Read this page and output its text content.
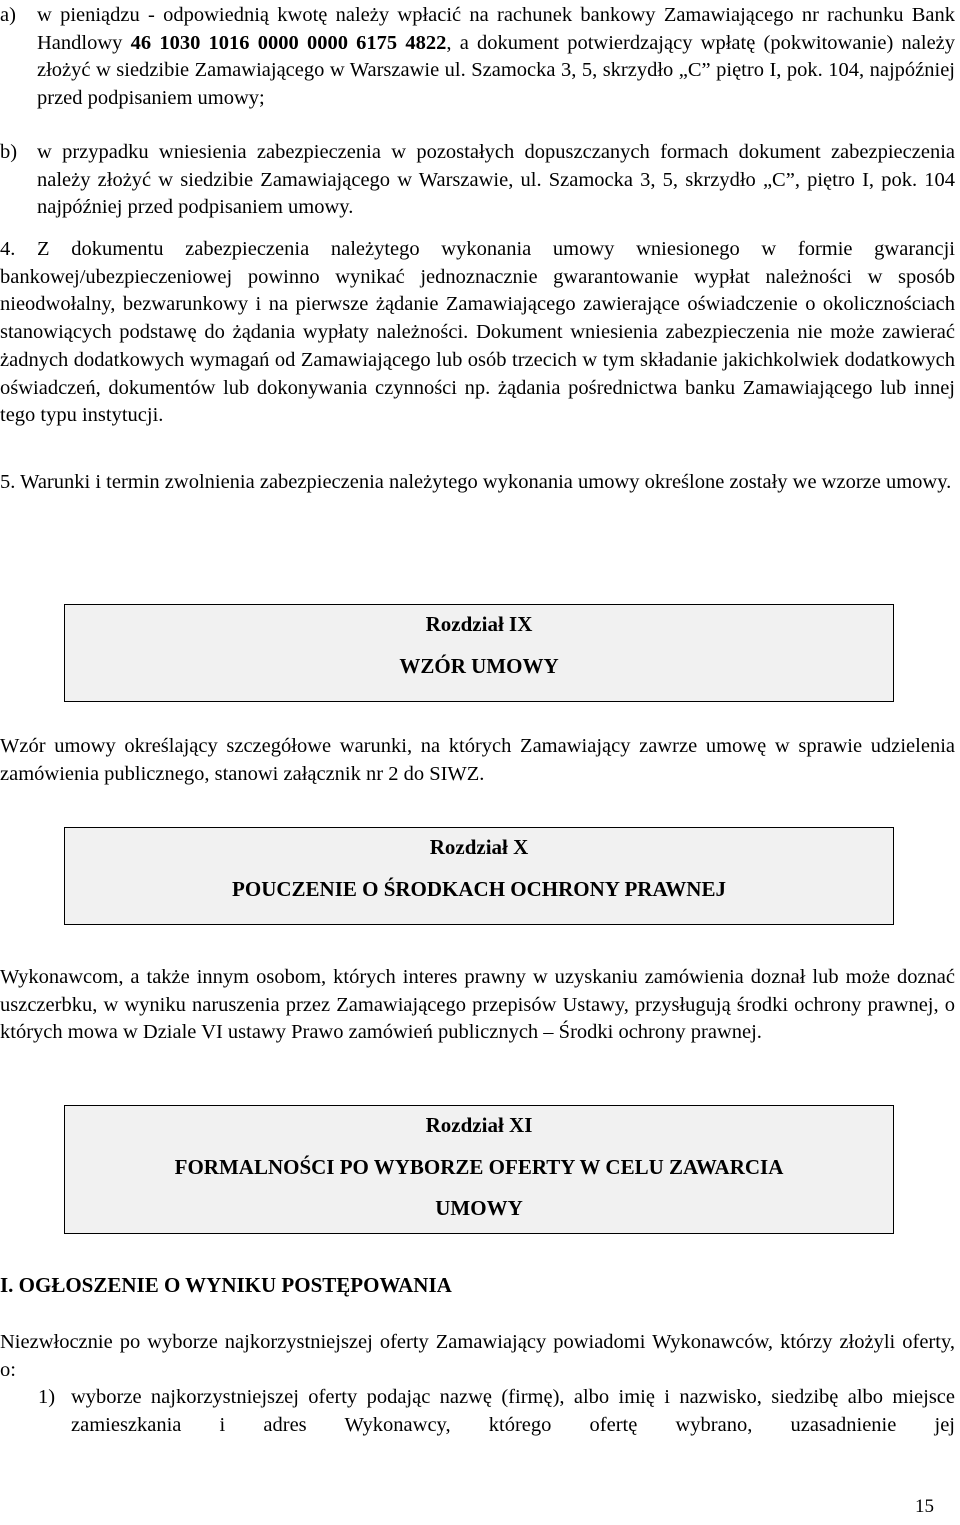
a) w pieniądzu - odpowiednią kwotę należy wpłacić na rachunek bankowy Zamawiającego nr rachunku Bank Handlowy 46 1030 1016 0000 0000 6175 4822, a dokument potwierdzający wpłatę (pokwitowanie) należy złożyć w siedzibie Zamawiającego w Warszawie ul. Szamocka 3, 5, skrzydło „C” piętro I, pok. 104, najpóźniej przed podpisaniem umowy;
b) w przypadku wniesienia zabezpieczenia w pozostałych dopuszczanych formach dokument zabezpieczenia należy złożyć w siedzibie Zamawiającego w Warszawie, ul. Szamocka 3, 5, skrzydło „C”, piętro I, pok. 104 najpóźniej przed podpisaniem umowy.
4. Z dokumentu zabezpieczenia należytego wykonania umowy wniesionego w formie gwarancji bankowej/ubezpieczeniowej powinno wynikać jednoznacznie gwarantowanie wypłat należności w sposób nieodwołalny, bezwarunkowy i na pierwsze żądanie Zamawiającego zawierające oświadczenie o okolicznościach stanowiących podstawę do żądania wypłaty należności. Dokument wniesienia zabezpieczenia nie może zawierać żadnych dodatkowych wymagań od Zamawiającego lub osób trzecich w tym składanie jakichkolwiek dodatkowych oświadczeń, dokumentów lub dokonywania czynności np. żądania pośrednictwa banku Zamawiającego lub innej tego typu instytucji.
5. Warunki i termin zwolnienia zabezpieczenia należytego wykonania umowy określone zostały we wzorze umowy.
Rozdział IX
WZÓR UMOWY
Wzór umowy określający szczegółowe warunki, na których Zamawiający zawrze umowę w sprawie udzielenia zamówienia publicznego, stanowi załącznik nr 2 do SIWZ.
Rozdział X
POUCZENIE O ŚRODKACH OCHRONY PRAWNEJ
Wykonawcom, a także innym osobom, których interes prawny w uzyskaniu zamówienia doznał lub może doznać uszczerbku, w wyniku naruszenia przez Zamawiającego przepisów Ustawy, przysługują środki ochrony prawnej, o których mowa w Dziale VI ustawy Prawo zamówień publicznych – Środki ochrony prawnej.
Rozdział XI
FORMALNOŚCI PO WYBORZE OFERTY W CELU ZAWARCIA
UMOWY
I. OGŁOSZENIE O WYNIKU POSTĘPOWANIA
Niezwłocznie po wyborze najkorzystniejszej oferty Zamawiający powiadomi Wykonawców, którzy złożyli oferty, o:
1) wyborze najkorzystniejszej oferty podając nazwę (firmę), albo imię i nazwisko, siedzibę albo miejsce zamieszkania i adres Wykonawcy, którego ofertę wybrano, uzasadnienie jej
15
